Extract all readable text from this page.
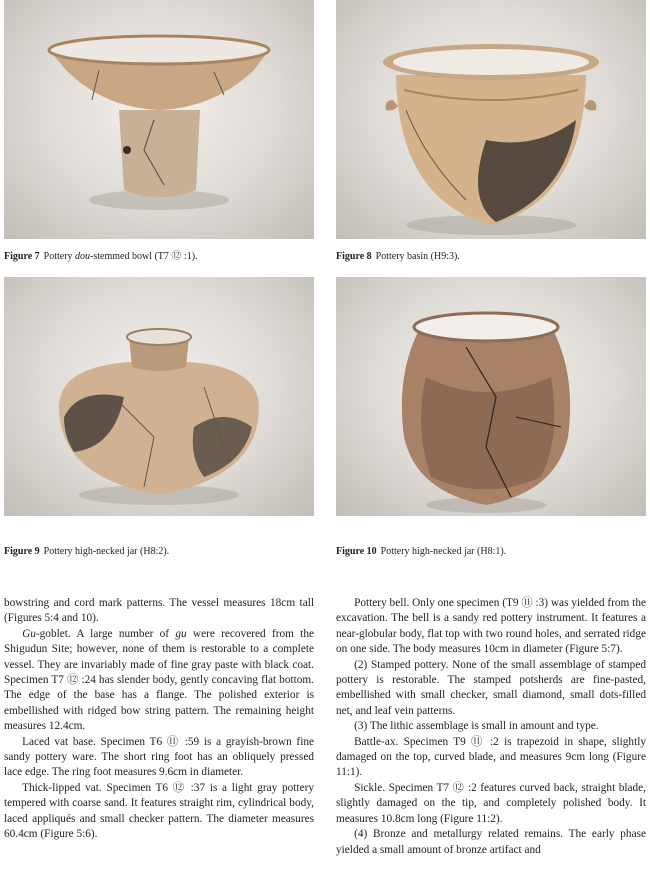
Figure 7 Pottery dou-stemmed bowl (T7 ⑫ :1).	Figure 8 Pottery basin (H9:3).
Figure 9 Pottery high-necked jar (H8:2).	Figure 10 Pottery high-necked jar (H8:1).

bowstring and cord mark patterns. The vessel measures 18cm tall (Figures 5:4 and 10).

Gu-goblet. A large number of gu were recovered from the Shigudun Site; however, none of them is restorable to a complete vessel. They are invariably made of fine gray paste with black coat. Specimen T7 ⑫ :24 has slender body, gently concaving flat bottom. The edge of the base has a flange. The polished exterior is embellished with ridged bow string pattern. The remaining height measures 12.4cm.

Laced vat base. Specimen T6 ⑪ :59 is a grayish-brown fine sandy pottery ware. The short ring foot has an obliquely pressed lace edge. The ring foot measures 9.6cm in diameter.

Thick-lipped vat. Specimen T6 ⑫ :37 is a light gray pottery tempered with coarse sand. It features straight rim, cylindrical body, laced appliqués and small checker pattern. The diameter measures 60.4cm (Figure 5:6).

Pottery bell. Only one specimen (T9 ⑪ :3) was yielded from the excavation. The bell is a sandy red pottery instrument. It features a near-globular body, flat top with two round holes, and serrated ridge on one side. The body measures 10cm in diameter (Figure 5:7).

(2) Stamped pottery. None of the small assemblage of stamped pottery is restorable. The stamped potsherds are fine-pasted, embellished with small checker, small diamond, small dots-filled net, and leaf vein patterns.

(3) The lithic assemblage is small in amount and type.

Battle-ax. Specimen T9 ⑪ :2 is trapezoid in shape, slightly damaged on the top, curved blade, and measures 9cm long (Figure 11:1).

Sickle. Specimen T7 ⑫ :2 features curved back, straight blade, slightly damaged on the tip, and completely polished body. It measures 10.8cm long (Figure 11:2).

(4) Bronze and metallurgy related remains. The early phase yielded a small amount of bronze artifact and
